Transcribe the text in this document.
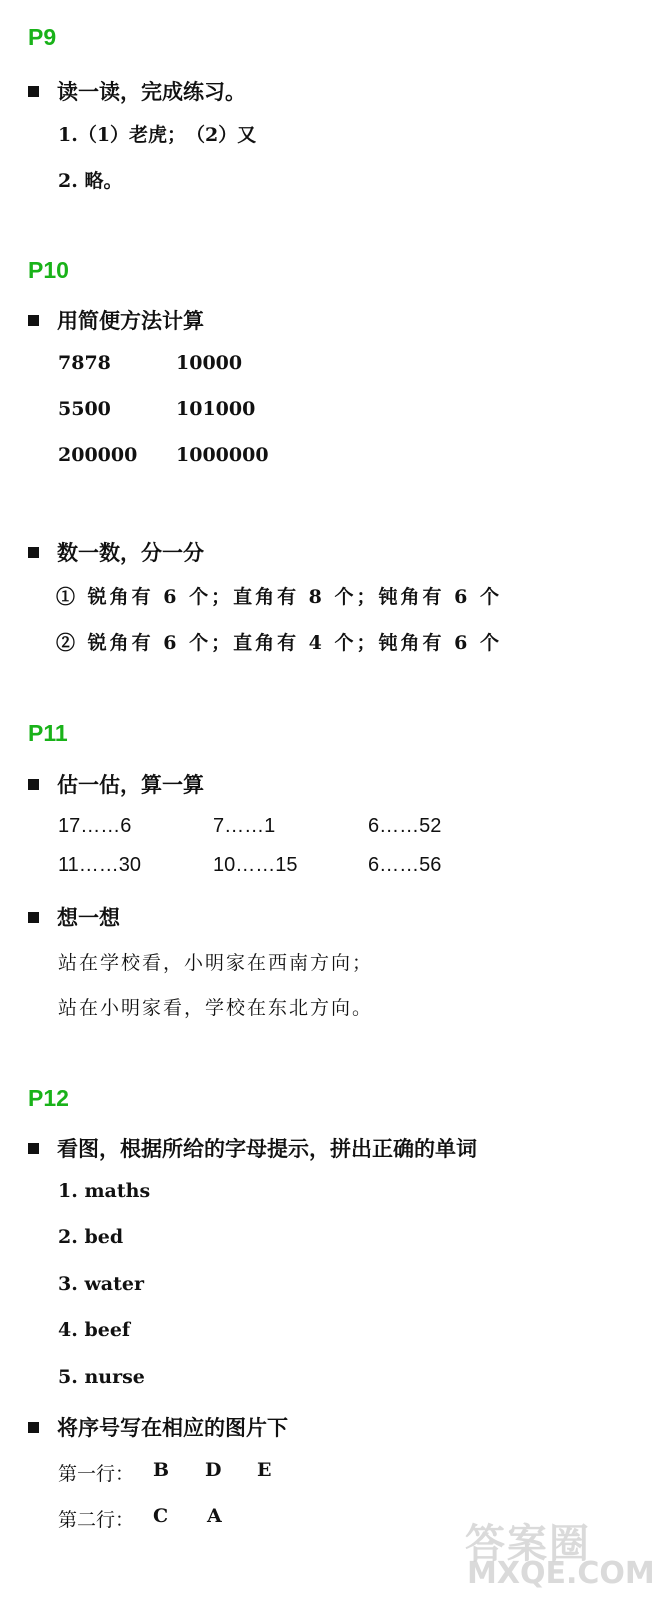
P9
读一读，完成练习。
1.（1）老虎；　（2）又
2. 略。
P10
用简便方法计算
7878	10000
5500	101000
200000 1000000
数一数，分一分
① 锐角有 6 个；直角有 8 个；钝角有 6 个
② 锐角有 6 个；直角有 4 个；钝角有 6 个
P11
估一估，算一算
17……6	7……1	6……52
11……30	10……15	6……56
想一想
站在学校看，小明家在西南方向；
站在小明家看，学校在东北方向。
P12
看图，根据所给的字母提示，拼出正确的单词
1. maths
2. bed
3. water
4. beef
5. nurse
将序号写在相应的图片下
第一行： B D E
第二行： C A
答案圈
MXQE.COM
